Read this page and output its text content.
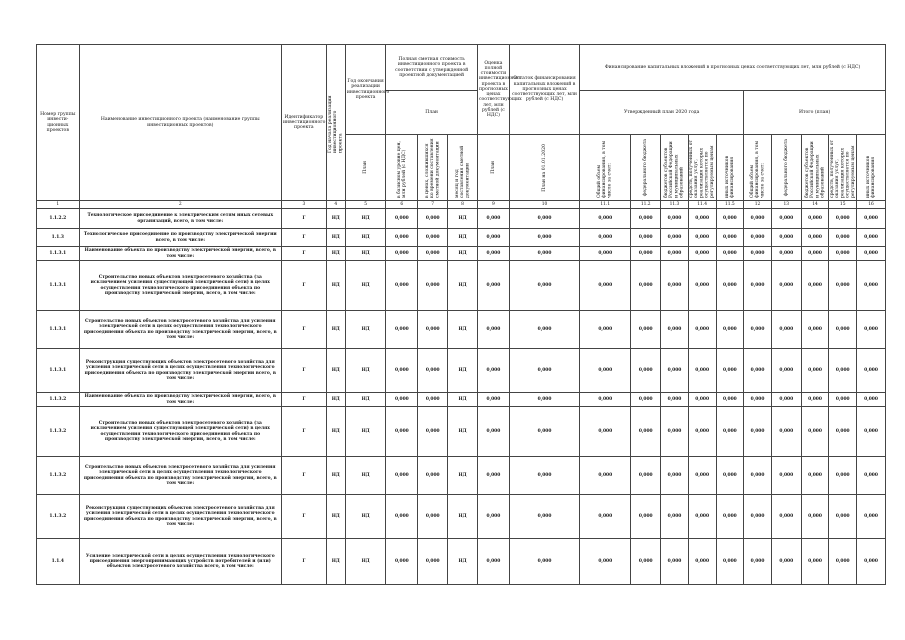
Номер группы инвести-ционных проектов	Наименование инвестиционного проекта (наименование группы инвестиционных проектов)	Идентификатор инвестиционного проекта	Год начала реализации инвестиционного проекта	Год окончания реализации инвестиционного проекта	Полная сметная стоимость инвестиционного проекта в соответствии с утвержденной проектной документацией			Оценка полной стоимости инвестиционного проекта в прогнозных ценах соответствующих лет, млн рублей (с НДС)	Остаток финансирования капитальных вложений в прогнозных ценах соответствующих лет, млн рублей (с НДС)	Финансирование капитальных вложений в прогнозных ценах соответствующих лет, млн рублей (с НДС)									
					План					Утвержденный план 2020 года					Итого (план)				

				План	в базисном уровне цен, млн рублей (с НДС)	в ценах, сложившихся ко времени составления сметной документации	месяц и год составления сметной документации	План	План на 01.01.2020	Общий объем финансирования, в том числе за счет:	федерального бюджета	бюджетов субъектов Российской Федерации и муниципальных образований	средств, полученных от оказания услуг, реализация которых осуществляется по регулируемым ценам	иных источников финансирования	Общий объем финансирования, в том числе за счет:	федерального бюджета	бюджетов субъектов Российской Федерации и муниципальных образований	средств, полученных от оказания услуг, реализация которых осуществляется по регулируемым ценам	иных источников финансирования

1	2	3	4	5	6	7	8	9	10	11.1	11.2	11.3	11.4	11.5	12	13	14	15	16
1.1.2.2	Технологическое присоединение к электрическим сетям иных сетевых организаций, всего, в том числе:	Г	НД	НД	0,000	0,000	НД	0,000	0,000	0,000	0,000	0,000	0,000	0,000	0,000	0,000	0,000	0,000	0,000
1.1.3	Технологическое присоединение по производству электрической энергии всего, в том числе:	Г	НД	НД	0,000	0,000	НД	0,000	0,000	0,000	0,000	0,000	0,000	0,000	0,000	0,000	0,000	0,000	0,000
1.1.3.1	Наименование объекта по производству электрической энергии, всего, в том числе:	Г	НД	НД	0,000	0,000	НД	0,000	0,000	0,000	0,000	0,000	0,000	0,000	0,000	0,000	0,000	0,000	0,000
1.1.3.1	Строительство новых объектов электросетевого хозяйства (за исключением усиления существующей электрической сети) в целях осуществления технологического присоединения объекта по производству электрической энергии, всего, в том числе:	Г	НД	НД	0,000	0,000	НД	0,000	0,000	0,000	0,000	0,000	0,000	0,000	0,000	0,000	0,000	0,000	0,000
1.1.3.1	Строительство новых объектов электросетевого хозяйства для усиления электрической сети в целях осуществления технологического присоединения объекта по производству электрической энергии, всего, в том числе:	Г	НД	НД	0,000	0,000	НД	0,000	0,000	0,000	0,000	0,000	0,000	0,000	0,000	0,000	0,000	0,000	0,000
1.1.3.1	Реконструкция существующих объектов электросетевого хозяйства для усиления электрической сети в целях осуществления технологического присоединения объекта по производству электрической энергии всего, в том числе:	Г	НД	НД	0,000	0,000	НД	0,000	0,000	0,000	0,000	0,000	0,000	0,000	0,000	0,000	0,000	0,000	0,000
1.1.3.2	Наименование объекта по производству электрической энергии, всего, в том числе:	Г	НД	НД	0,000	0,000	НД	0,000	0,000	0,000	0,000	0,000	0,000	0,000	0,000	0,000	0,000	0,000	0,000
1.1.3.2	Строительство новых объектов электросетевого хозяйства (за исключением усиления существующей электрической сети) в целях осуществления технологического присоединения объекта по производству электрической энергии, всего, в том числе:	Г	НД	НД	0,000	0,000	НД	0,000	0,000	0,000	0,000	0,000	0,000	0,000	0,000	0,000	0,000	0,000	0,000
1.1.3.2	Строительство новых объектов электросетевого хозяйства для усиления электрической сети в целях осуществления технологического присоединения объекта по производству электрической энергии, всего, в том числе:	Г	НД	НД	0,000	0,000	НД	0,000	0,000	0,000	0,000	0,000	0,000	0,000	0,000	0,000	0,000	0,000	0,000
1.1.3.2	Реконструкция существующих объектов электросетевого хозяйства для усиления электрической сети в целях осуществления технологического присоединения объекта по производству электрической энергии, всего, в том числе:	Г	НД	НД	0,000	0,000	НД	0,000	0,000	0,000	0,000	0,000	0,000	0,000	0,000	0,000	0,000	0,000	0,000
1.1.4	Усиление электрической сети в целях осуществления технологического присоединения энергопринимающих устройств потребителей и (или) объектов электросетевого хозяйства всего, в том числе:	Г	НД	НД	0,000	0,000	НД	0,000	0,000	0,000	0,000	0,000	0,000	0,000	0,000	0,000	0,000	0,000	0,000
